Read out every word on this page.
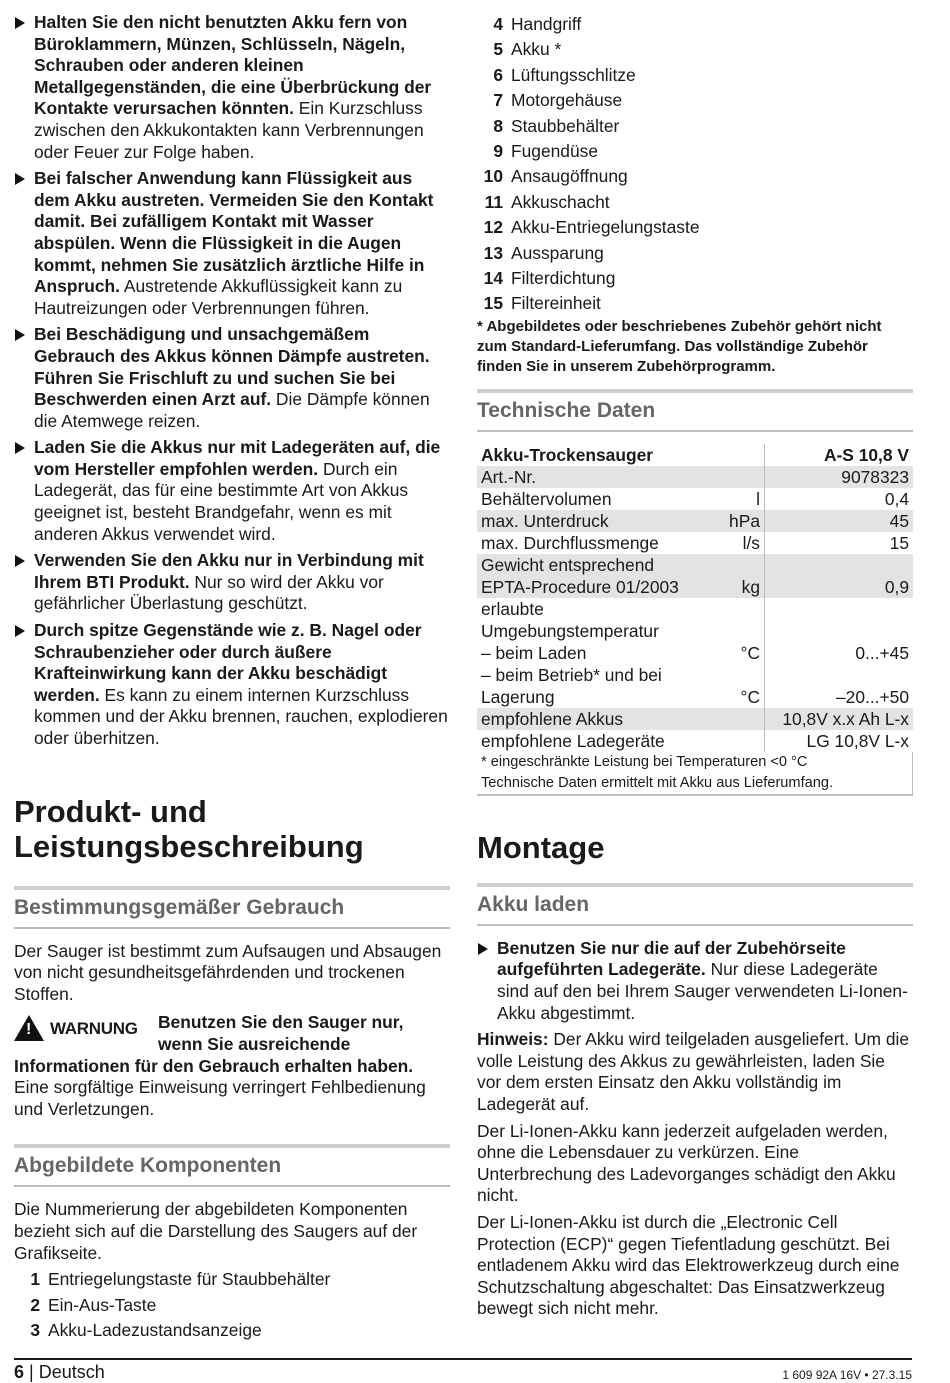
Halten Sie den nicht benutzten Akku fern von Büroklammern, Münzen, Schlüsseln, Nägeln, Schrauben oder anderen kleinen Metallgegenständen, die eine Überbrückung der Kontakte verursachen könnten. Ein Kurzschluss zwischen den Akkukontakten kann Verbrennungen oder Feuer zur Folge haben.

Bei falscher Anwendung kann Flüssigkeit aus dem Akku austreten. Vermeiden Sie den Kontakt damit. Bei zufälligem Kontakt mit Wasser abspülen. Wenn die Flüssigkeit in die Augen kommt, nehmen Sie zusätzlich ärztliche Hilfe in Anspruch. Austretende Akkuflüssigkeit kann zu Hautreizungen oder Verbrennungen führen.

Bei Beschädigung und unsachgemäßem Gebrauch des Akkus können Dämpfe austreten. Führen Sie Frischluft zu und suchen Sie bei Beschwerden einen Arzt auf. Die Dämpfe können die Atemwege reizen.

Laden Sie die Akkus nur mit Ladegeräten auf, die vom Hersteller empfohlen werden. Durch ein Ladegerät, das für eine bestimmte Art von Akkus geeignet ist, besteht Brandgefahr, wenn es mit anderen Akkus verwendet wird.

Verwenden Sie den Akku nur in Verbindung mit Ihrem BTI Produkt. Nur so wird der Akku vor gefährlicher Überlastung geschützt.

Durch spitze Gegenstände wie z. B. Nagel oder Schraubenzieher oder durch äußere Krafteinwirkung kann der Akku beschädigt werden. Es kann zu einem internen Kurzschluss kommen und der Akku brennen, rauchen, explodieren oder überhitzen.

Produkt- und Leistungsbeschreibung
Bestimmungsgemäßer Gebrauch

Der Sauger ist bestimmt zum Aufsaugen und Absaugen von nicht gesundheitsgefährdenden und trockenen Stoffen.

! WARNUNG Benutzen Sie den Sauger nur, wenn Sie ausreichende Informationen für den Gebrauch erhalten haben. Eine sorgfältige Einweisung verringert Fehlbedienung und Verletzungen.
Abgebildete Komponenten

Die Nummerierung der abgebildeten Komponenten bezieht sich auf die Darstellung des Saugers auf der Grafikseite.

1 Entriegelungstaste für Staubbehälter
2 Ein-Aus-Taste
3 Akku-Ladezustandsanzeige
4 Handgriff
5 Akku *
6 Lüftungsschlitze
7 Motorgehäuse
8 Staubbehälter
9 Fugendüse
10 Ansaugöffnung
11 Akkuschacht
12 Akku-Entriegelungstaste
13 Aussparung
14 Filterdichtung
15 Filtereinheit

* Abgebildetes oder beschriebenes Zubehör gehört nicht zum Standard-Lieferumfang. Das vollständige Zubehör finden Sie in unserem Zubehörprogramm.

Technische Daten
Akku-Trockensauger		A-S 10,8 V
Art.-Nr.		9078323
Behältervolumen	l	0,4
max. Unterdruck	hPa	45
max. Durchflussmenge	l/s	15
Gewicht entsprechend EPTA-Procedure 01/2003	kg	0,9
erlaubte Umgebungstemperatur		
– beim Laden	°C	0...+45
– beim Betrieb* und bei Lagerung	°C	–20...+50
empfohlene Akkus		10,8V x.x Ah L-x
empfohlene Ladegeräte		LG 10,8V L-x

* eingeschränkte Leistung bei Temperaturen <0 °C

Technische Daten ermittelt mit Akku aus Lieferumfang.

Montage
Akku laden

Benutzen Sie nur die auf der Zubehörseite aufgeführten Ladegeräte. Nur diese Ladegeräte sind auf den bei Ihrem Sauger verwendeten Li-Ionen-Akku abgestimmt.

Hinweis: Der Akku wird teilgeladen ausgeliefert. Um die volle Leistung des Akkus zu gewährleisten, laden Sie vor dem ersten Einsatz den Akku vollständig im Ladegerät auf.

Der Li-Ionen-Akku kann jederzeit aufgeladen werden, ohne die Lebensdauer zu verkürzen. Eine Unterbrechung des Ladevorganges schädigt den Akku nicht.

Der Li-Ionen-Akku ist durch die „Electronic Cell Protection (ECP)“ gegen Tiefentladung geschützt. Bei entladenem Akku wird das Elektrowerkzeug durch eine Schutzschaltung abgeschaltet: Das Einsatzwerkzeug bewegt sich nicht mehr.

6 | Deutsch	1 609 92A 16V • 27.3.15
